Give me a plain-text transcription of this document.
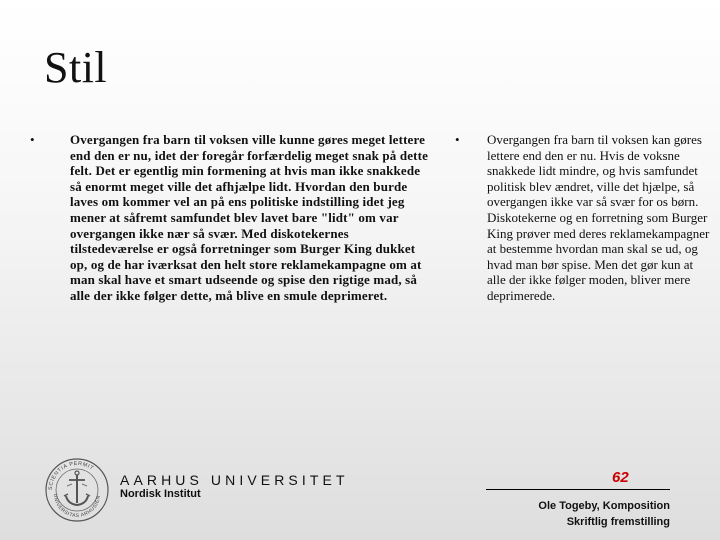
Stil
•	Overgangen fra barn til voksen ville kunne gøres meget lettere end den er nu, idet der foregår forfærdelig meget snak på dette felt. Det er egentlig min formening at hvis man ikke snakkede så enormt meget ville det afhjælpe lidt. Hvordan den burde laves om kommer vel an på ens politiske indstilling idet jeg mener at såfremt samfundet blev lavet bare "lidt" om var overgangen ikke nær så svær. Med diskotekernes tilstedeværelse er også forretninger som Burger King dukket op, og de har iværksat den helt store reklamekampagne om at man skal have et smart udseende og spise den rigtige mad, så alle der ikke følger dette, må blive en smule deprimeret.
•	Overgangen fra barn til voksen kan gøres lettere end den er nu. Hvis de voksne snakkede lidt mindre, og hvis samfundet politisk blev ændret, ville det hjælpe, så overgangen ikke var så svær for os børn. Diskotekerne og en forretning som Burger King prøver med deres reklamekampagner at bestemme hvordan man skal se ud, og hvad man bør spise. Men det gør kun at alle der ikke følger moden, bliver mere deprimerede.
SCIENTIA PERMIT
UNIVERSITAS ARHUSIEN
AARHUS UNIVERSITET
Nordisk Institut
62
Ole Togeby, Komposition
Skriftlig fremstilling
